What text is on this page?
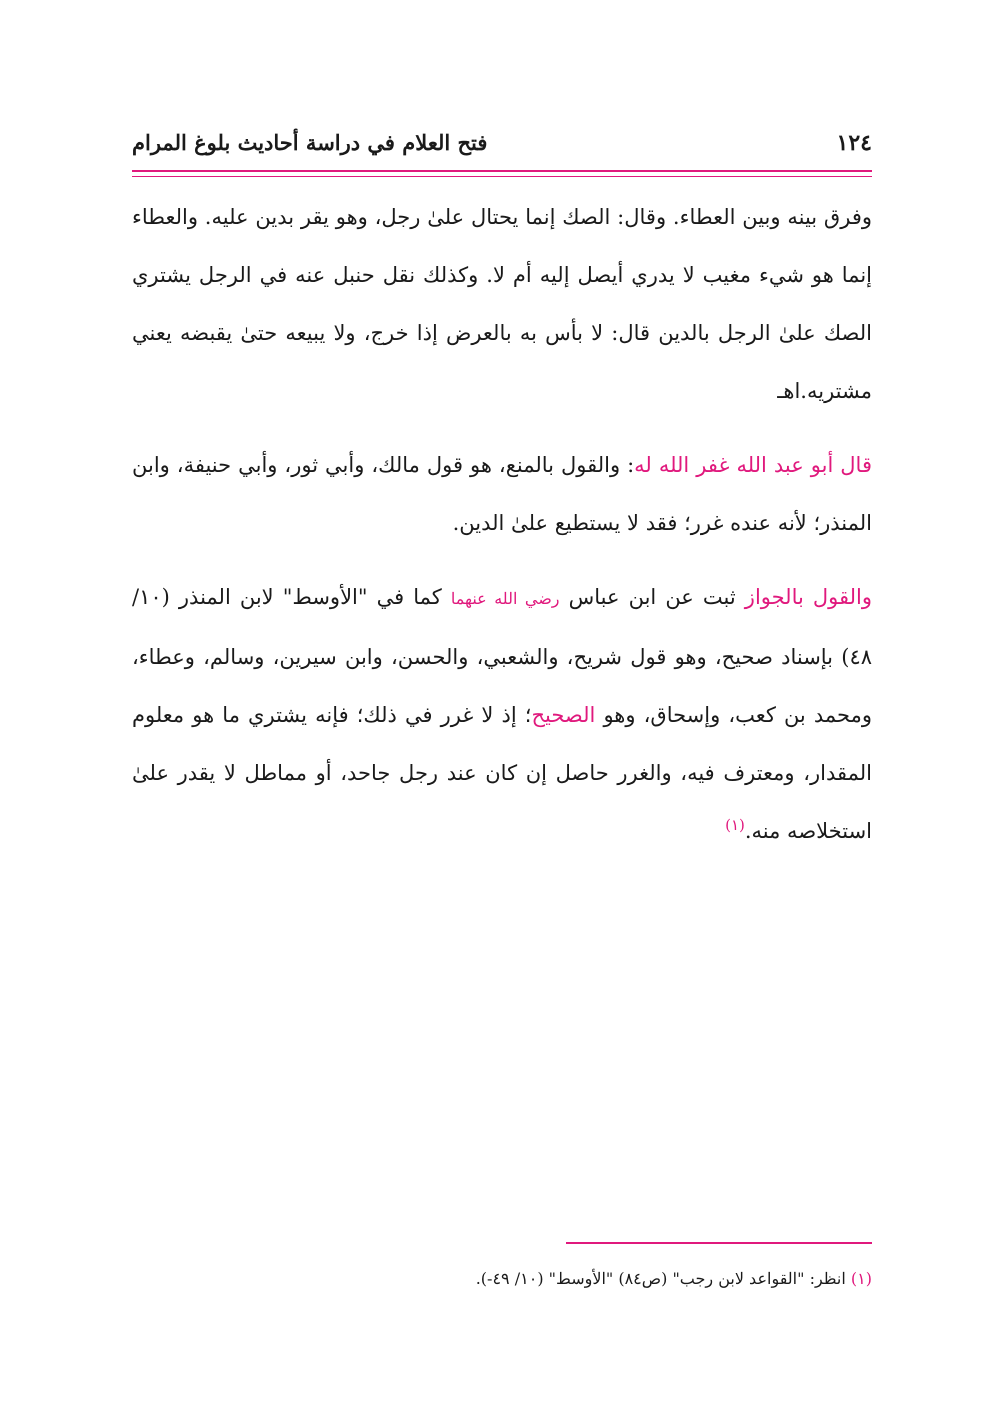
١٢٤
فتح العلام في دراسة أحاديث بلوغ المرام

وفرق بينه وبين العطاء. وقال: الصك إنما يحتال علىٰ رجل، وهو يقر بدين عليه. والعطاء إنما هو شيء مغيب لا يدري أيصل إليه أم لا. وكذلك نقل حنبل عنه في الرجل يشتري الصك علىٰ الرجل بالدين قال: لا بأس به بالعرض إذا خرج، ولا يبيعه حتىٰ يقبضه يعني مشتريه.اهـ

قال أبو عبد الله غفر الله له: والقول بالمنع، هو قول مالك، وأبي ثور، وأبي حنيفة، وابن المنذر؛ لأنه عنده غرر؛ فقد لا يستطيع علىٰ الدين.

والقول بالجواز ثبت عن ابن عباس رضي الله عنهما كما في "الأوسط" لابن المنذر (١٠/ ٤٨) بإسناد صحيح، وهو قول شريح، والشعبي، والحسن، وابن سيرين، وسالم، وعطاء، ومحمد بن كعب، وإسحاق، وهو الصحيح؛ إذ لا غرر في ذلك؛ فإنه يشتري ما هو معلوم المقدار، ومعترف فيه، والغرر حاصل إن كان عند رجل جاحد، أو مماطل لا يقدر علىٰ استخلاصه منه.$^{(١)}$

(١) انظر: "القواعد لابن رجب" (ص٨٤) "الأوسط" (١٠/ ٤٩-).
